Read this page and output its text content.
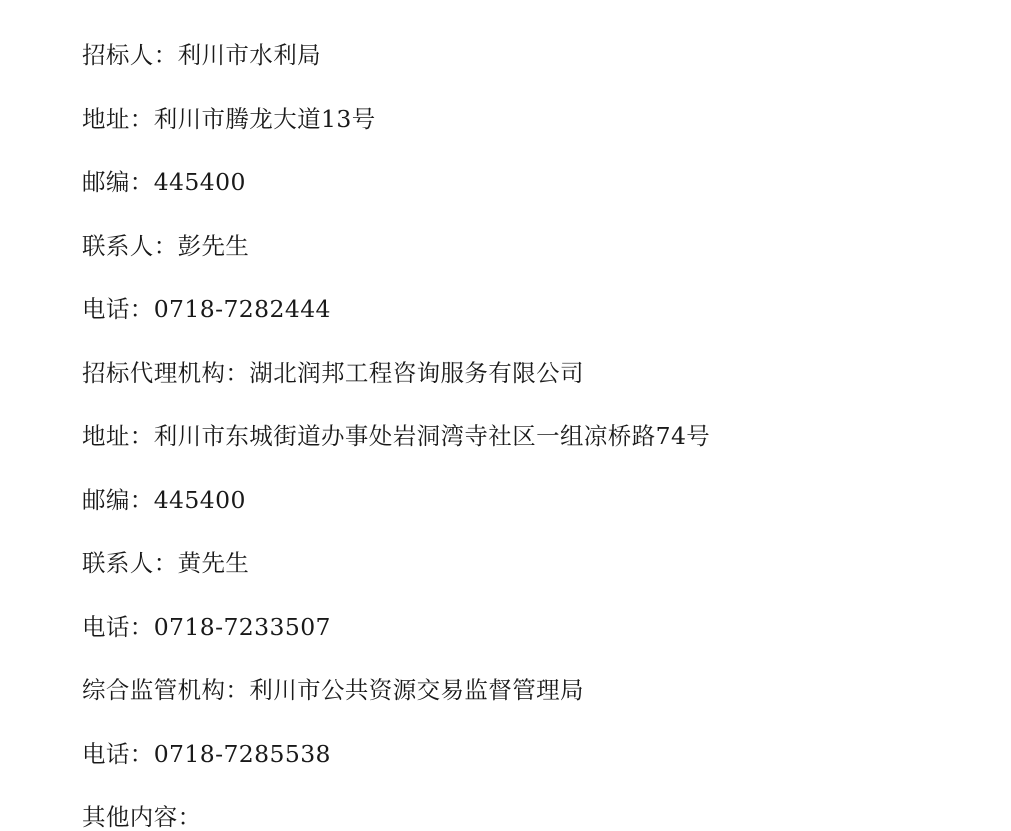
招标人：利川市水利局

地址：利川市腾龙大道13号

邮编：445400

联系人：彭先生

电话：0718-7282444

招标代理机构：湖北润邦工程咨询服务有限公司

地址：利川市东城街道办事处岩洞湾寺社区一组凉桥路74号

邮编：445400

联系人：黄先生

电话：0718-7233507

综合监管机构：利川市公共资源交易监督管理局

电话：0718-7285538

其他内容：
